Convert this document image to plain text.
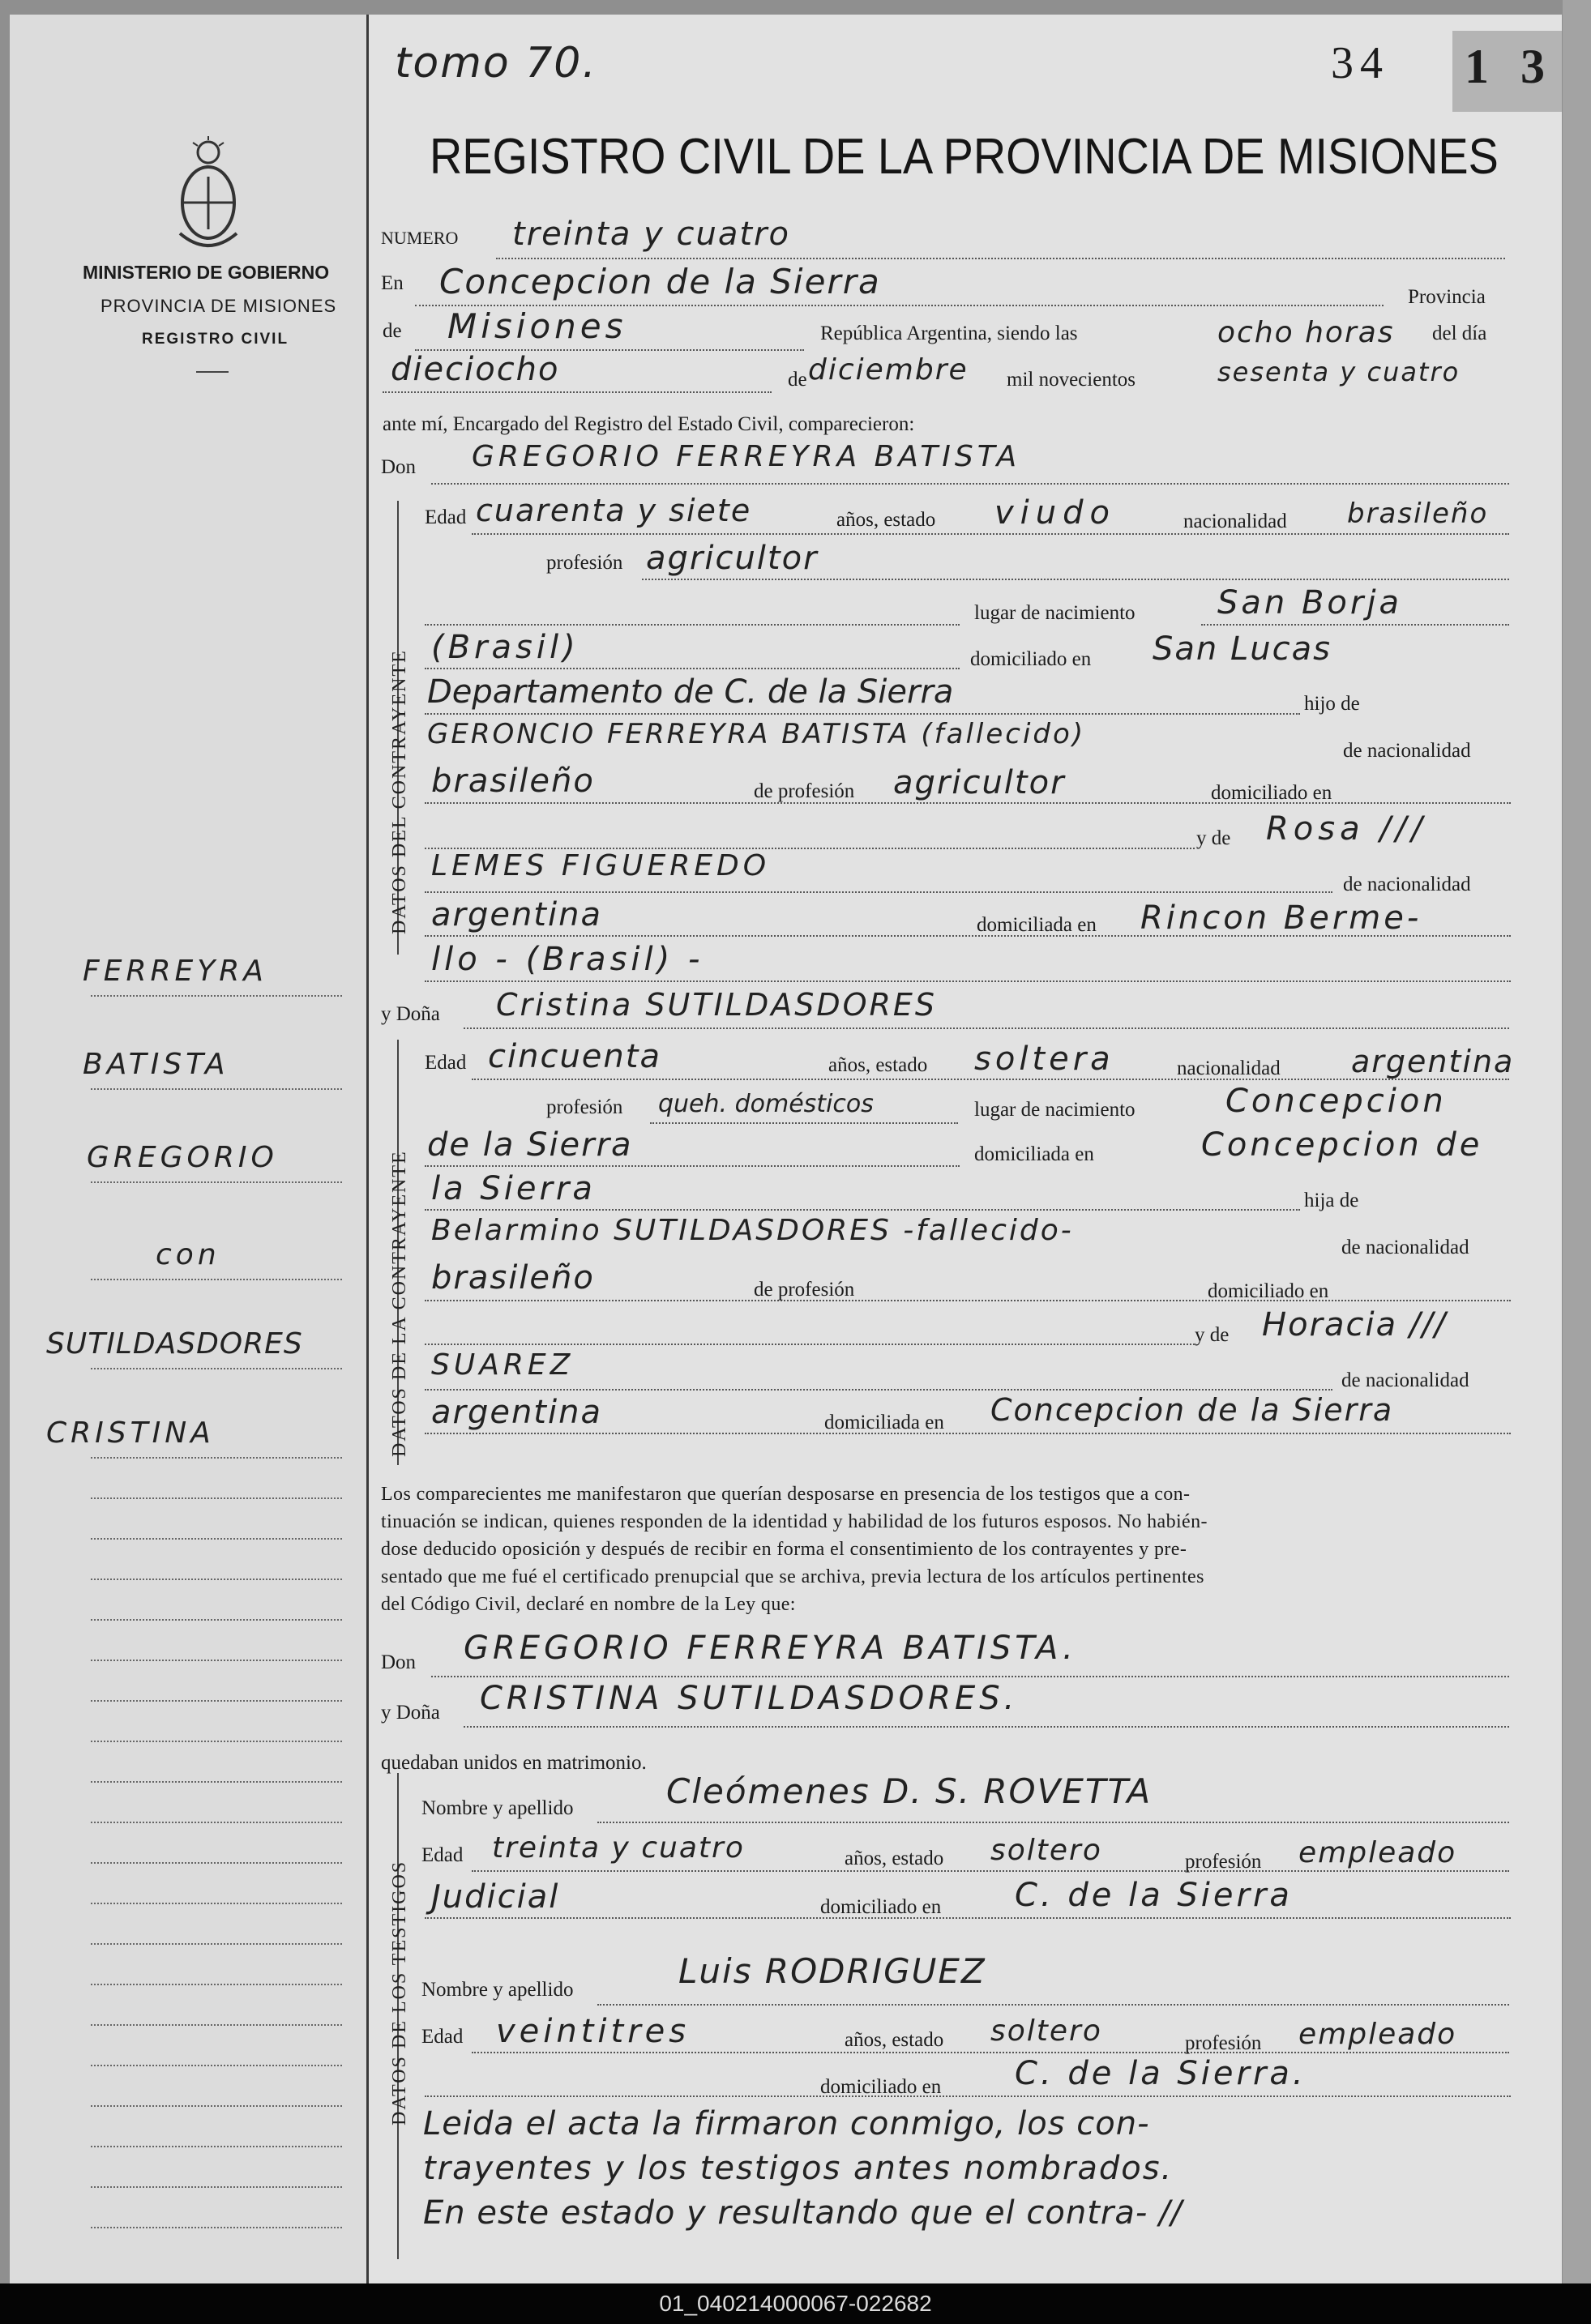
MINISTERIO DE GOBIERNO
PROVINCIA DE MISIONES
REGISTRO CIVIL
FERREYRA
BATISTA
GREGORIO
con
SUTILDASDORES
CRISTINA
tomo 70.	34 1 3
REGISTRO CIVIL DE LA PROVINCIA DE MISIONES
NUMERO treinta y cuatro
En Concepcion de la Sierra	Provincia
de Misiones	República Argentina, siendo las	ocho horas del día
dieciocho	de diciembre mil novecientos	sesenta y cuatro
ante mí, Encargado del Registro del Estado Civil, comparecieron:
Don GREGORIO FERREYRA BATISTA
DATOS DEL CONTRAYENTE
Edad cuarenta y siete	años, estado viudo	nacionalidad brasileño
profesión agricultor
lugar de nacimiento	San Borja
(Brasil)	domiciliado en San Lucas
Departamento de C. de la Sierra	hijo de
GERONCIO FERREYRA BATISTA (fallecido)
de nacionalidad
brasileño	de profesión agricultor	domiciliado en
y de Rosa ///
LEMES FIGUEREDO
de nacionalidad
argentina	domiciliada en Rincon Berme-
llo - (Brasil) -
y Doña Cristina SUTILDASDORES
DATOS DE LA CONTRAYENTE
Edad cincuenta	años, estado soltera	nacionalidad argentina
profesión queh. domésticos	lugar de nacimiento	Concepcion
de la Sierra	domiciliada en	Concepcion de
la Sierra	hija de
Belarmino SUTILDASDORES -fallecido-
de nacionalidad
brasileño	de profesión	domiciliado en
y de Horacia ///
SUAREZ	de nacionalidad
argentina	domiciliada en Concepcion de la Sierra
Los comparecientes me manifestaron que querían desposarse en presencia de los testigos que a con-
tinuación se indican, quienes responden de la identidad y habilidad de los futuros esposos. No habién-
dose deducido oposición y después de recibir en forma el consentimiento de los contrayentes y pre-
sentado que me fué el certificado prenupcial que se archiva, previa lectura de los artículos pertinentes
del Código Civil, declaré en nombre de la Ley que:
Don GREGORIO FERREYRA BATISTA.
y Doña CRISTINA SUTILDASDORES.
quedaban unidos en matrimonio.
DATOS DE LOS TESTIGOS
Nombre y apellido	Cleómenes D. S. ROVETTA
Edad treinta y cuatro	años, estado soltero	profesión empleado
Judicial	domiciliado en C. de la Sierra
Nombre y apellido	Luis RODRIGUEZ
Edad veintitres	años, estado soltero	profesión empleado
domiciliado en C. de la Sierra.
Leida el acta la firmaron conmigo, los con-
trayentes y los testigos antes nombrados.
En este estado y resultando que el contra- //
01_040214000067-022682
